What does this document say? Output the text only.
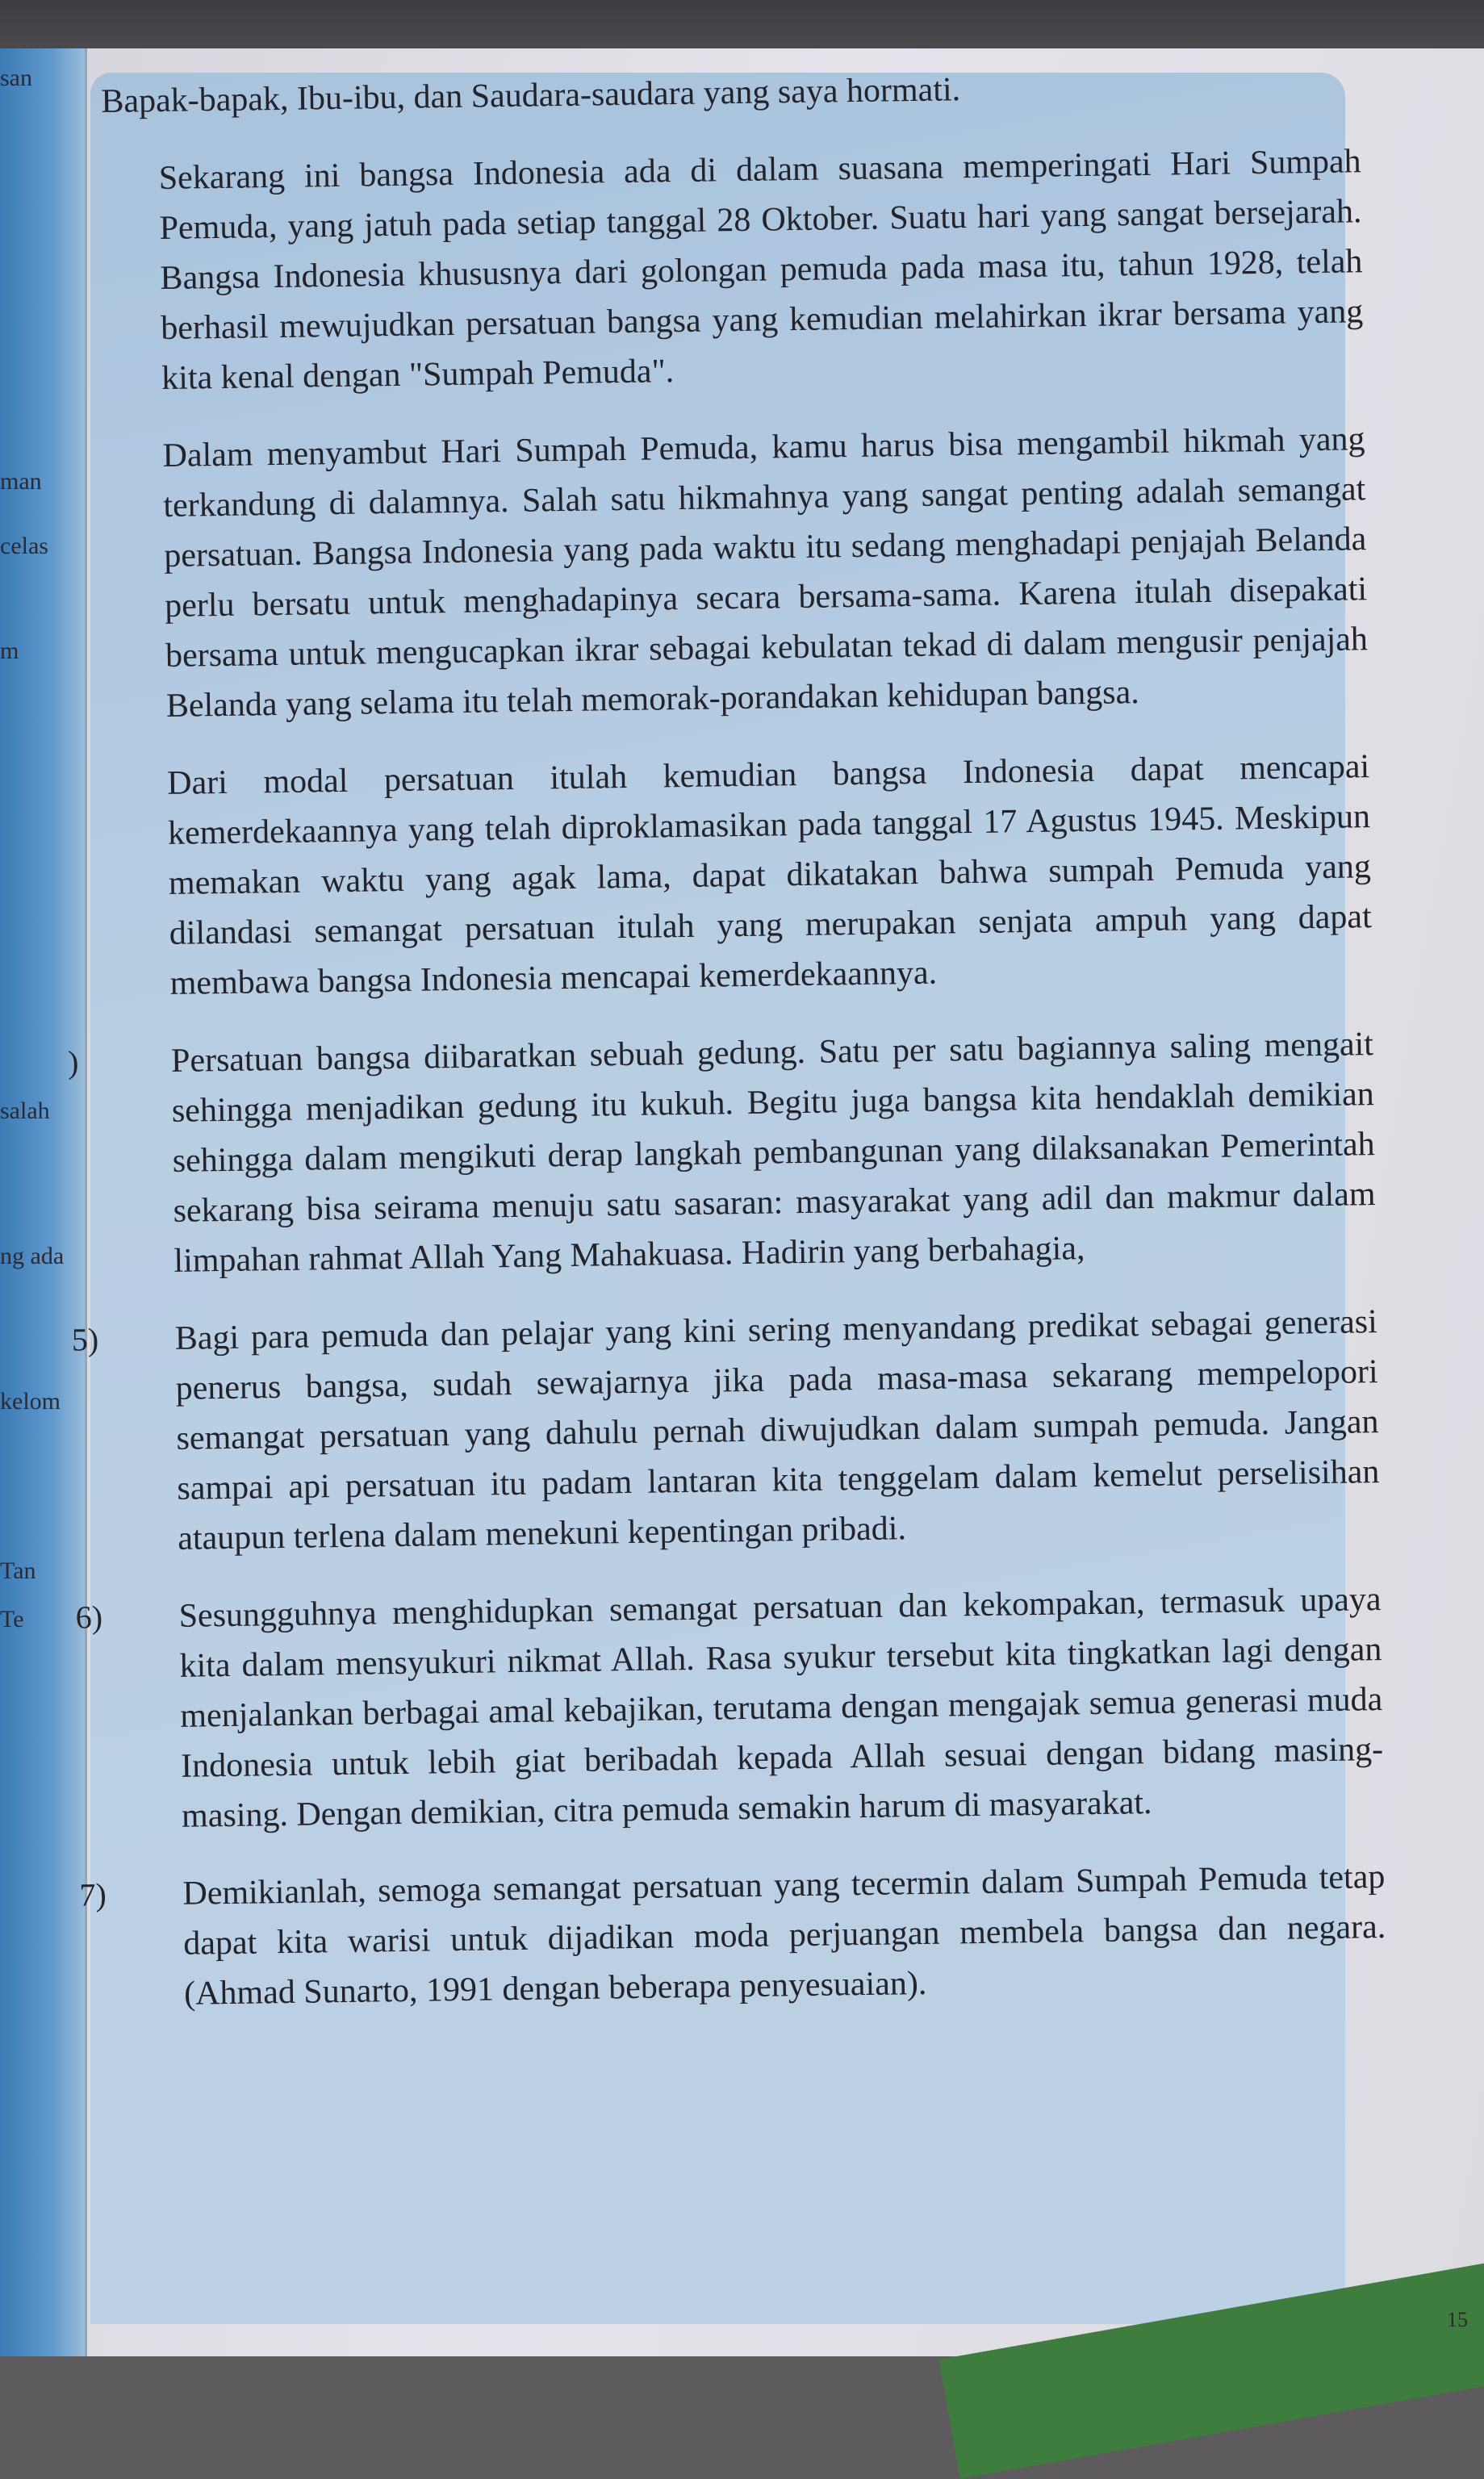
san
man
celas
m
salah
ng ada
kelom
Tan
Te

Bapak-bapak, Ibu-ibu, dan Saudara-saudara yang saya hormati.

Sekarang ini bangsa Indonesia ada di dalam suasana memperingati Hari Sumpah Pemuda, yang jatuh pada setiap tanggal 28 Oktober. Suatu hari yang sangat bersejarah. Bangsa Indonesia khususnya dari golongan pemuda pada masa itu, tahun 1928, telah berhasil mewujudkan persatuan bangsa yang kemudian melahirkan ikrar bersama yang kita kenal dengan "Sumpah Pemuda".

Dalam menyambut Hari Sumpah Pemuda, kamu harus bisa mengambil hikmah yang terkandung di dalamnya. Salah satu hikmahnya yang sangat penting adalah semangat persatuan. Bangsa Indonesia yang pada waktu itu sedang menghadapi penjajah Belanda perlu bersatu untuk menghadapinya secara bersama-sama. Karena itulah disepakati bersama untuk mengucapkan ikrar sebagai kebulatan tekad di dalam mengusir penjajah Belanda yang selama itu telah memorak-porandakan kehidupan bangsa.

Dari modal persatuan itulah kemudian bangsa Indonesia dapat mencapai kemerdekaannya yang telah diproklamasikan pada tanggal 17 Agustus 1945. Meskipun memakan waktu yang agak lama, dapat dikatakan bahwa sumpah Pemuda yang dilandasi semangat persatuan itulah yang merupakan senjata ampuh yang dapat membawa bangsa Indonesia mencapai kemerdekaannya.

)	Persatuan bangsa diibaratkan sebuah gedung. Satu per satu bagiannya saling mengait sehingga menjadikan gedung itu kukuh. Begitu juga bangsa kita hendaklah demikian sehingga dalam mengikuti derap langkah pembangunan yang dilaksanakan Pemerintah sekarang bisa seirama menuju satu sasaran: masyarakat yang adil dan makmur dalam limpahan rahmat Allah Yang Mahakuasa. Hadirin yang berbahagia,

5)	Bagi para pemuda dan pelajar yang kini sering menyandang predikat sebagai generasi penerus bangsa, sudah sewajarnya jika pada masa-masa sekarang mempelopori semangat persatuan yang dahulu pernah diwujudkan dalam sumpah pemuda. Jangan sampai api persatuan itu padam lantaran kita tenggelam dalam kemelut perselisihan ataupun terlena dalam menekuni kepentingan pribadi.

6)	Sesungguhnya menghidupkan semangat persatuan dan kekompakan, termasuk upaya kita dalam mensyukuri nikmat Allah. Rasa syukur tersebut kita tingkatkan lagi dengan menjalankan berbagai amal kebajikan, terutama dengan mengajak semua generasi muda Indonesia untuk lebih giat beribadah kepada Allah sesuai dengan bidang masing-masing. Dengan demikian, citra pemuda semakin harum di masyarakat.

7)	Demikianlah, semoga semangat persatuan yang tecermin dalam Sumpah Pemuda tetap dapat kita warisi untuk dijadikan moda perjuangan membela bangsa dan negara. (Ahmad Sunarto, 1991 dengan beberapa penyesuaian).

15
